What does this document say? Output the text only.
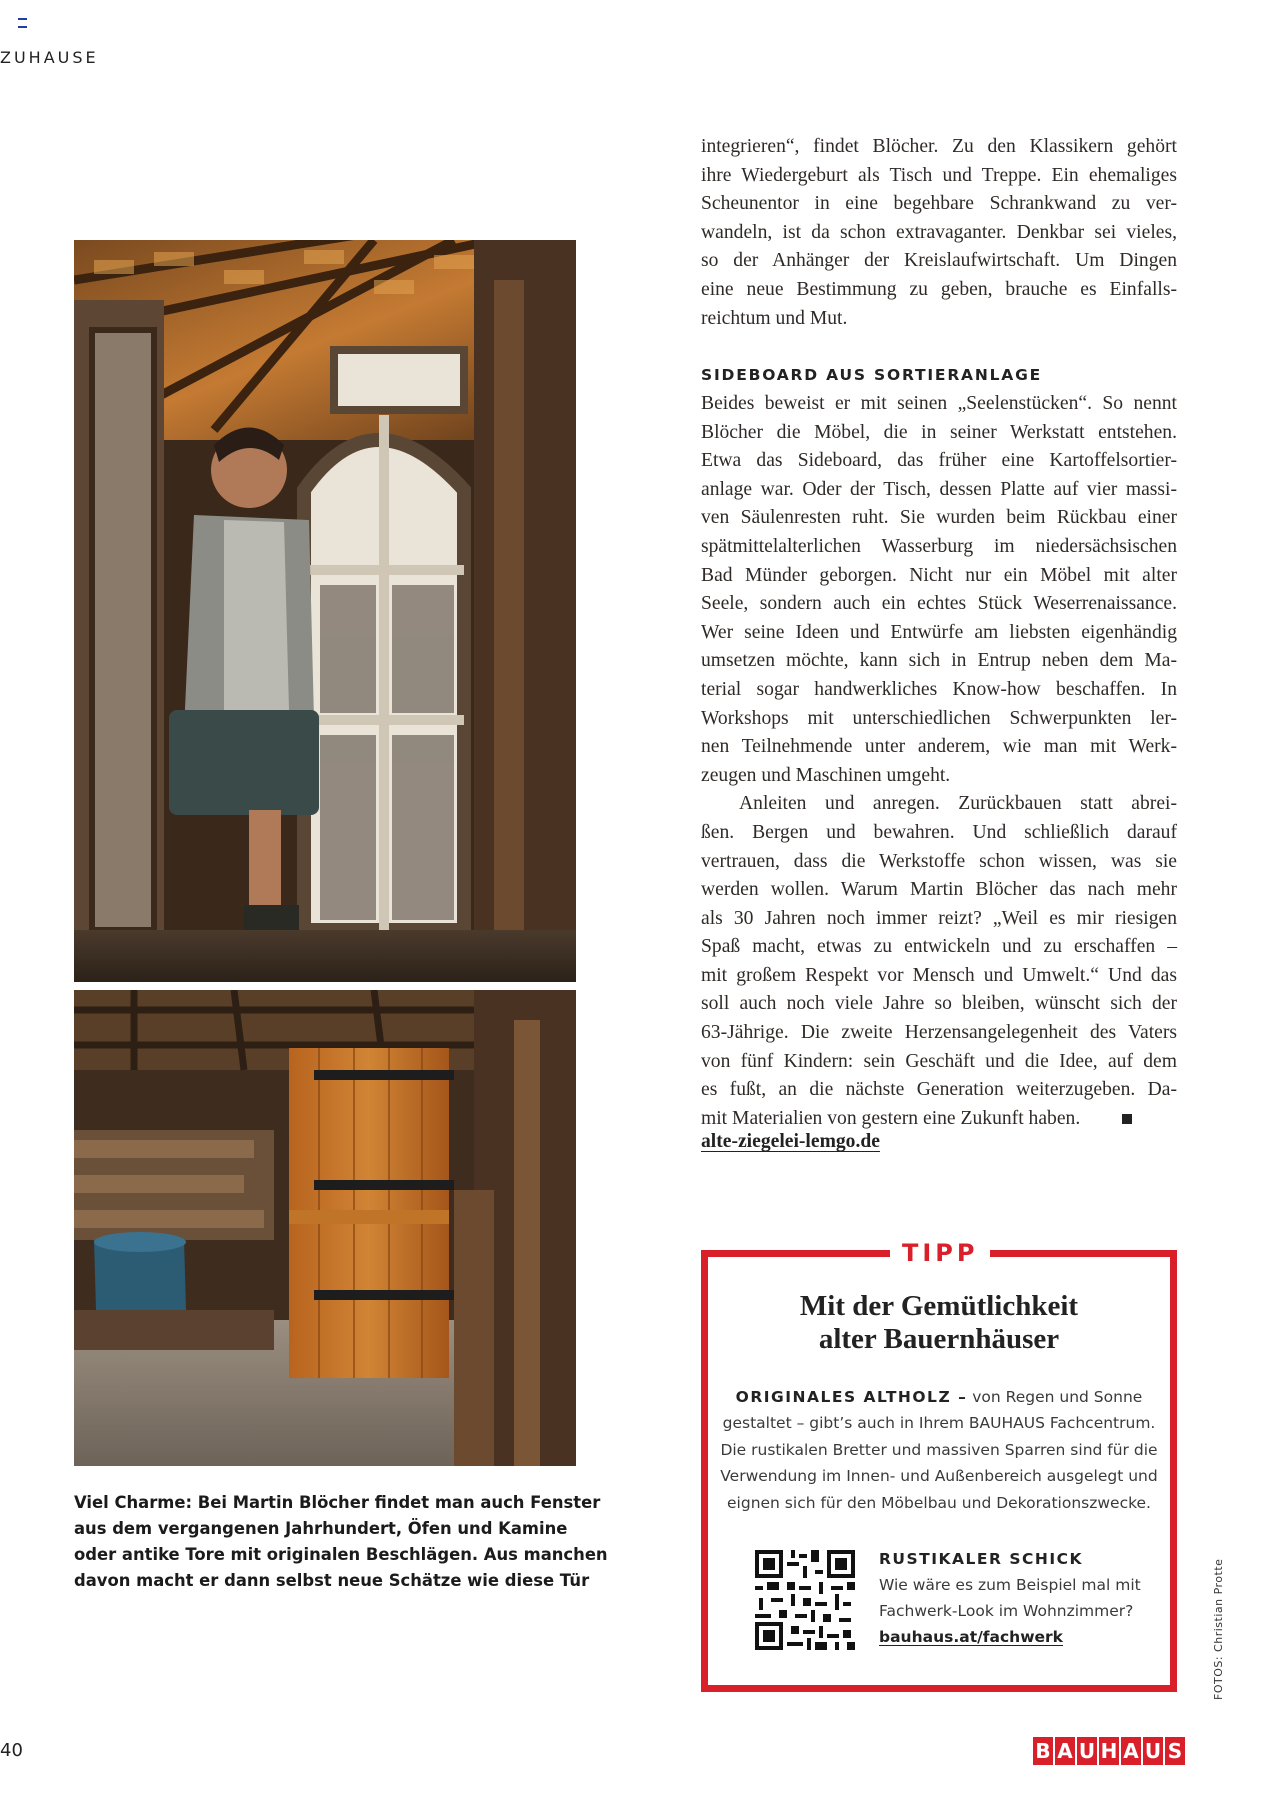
ZUHAUSE
Viel Charme: Bei Martin Blöcher findet man auch Fenster
aus dem vergangenen Jahrhundert, Öfen und Kamine
oder antike Tore mit originalen Beschlägen. Aus manchen
davon macht er dann selbst neue Schätze wie diese Tür
integrieren“, findet Blöcher. Zu den Klassikern gehört
ihre Wiedergeburt als Tisch und Treppe. Ein ehemaliges
Scheunentor in eine begehbare Schrankwand zu ver-
wandeln, ist da schon extravaganter. Denkbar sei vieles,
so der Anhänger der Kreislaufwirtschaft. Um Dingen
eine neue Bestimmung zu geben, brauche es Einfalls-
reichtum und Mut.
SIDEBOARD AUS SORTIERANLAGE
Beides beweist er mit seinen „Seelenstücken“. So nennt
Blöcher die Möbel, die in seiner Werkstatt entstehen.
Etwa das Sideboard, das früher eine Kartoffelsortier-
anlage war. Oder der Tisch, dessen Platte auf vier massi-
ven Säulenresten ruht. Sie wurden beim Rückbau einer
spätmittelalterlichen Wasserburg im niedersächsischen
Bad Münder geborgen. Nicht nur ein Möbel mit alter
Seele, sondern auch ein echtes Stück Weserrenaissance.
Wer seine Ideen und Entwürfe am liebsten eigenhändig
umsetzen möchte, kann sich in Entrup neben dem Ma-
terial sogar handwerkliches Know-how beschaffen. In
Workshops mit unterschiedlichen Schwerpunkten ler-
nen Teilnehmende unter anderem, wie man mit Werk-
zeugen und Maschinen umgeht.
Anleiten und anregen. Zurückbauen statt abrei-
ßen. Bergen und bewahren. Und schließlich darauf
vertrauen, dass die Werkstoffe schon wissen, was sie
werden wollen. Warum Martin Blöcher das nach mehr
als 30 Jahren noch immer reizt? „Weil es mir riesigen
Spaß macht, etwas zu entwickeln und zu erschaffen –
mit großem Respekt vor Mensch und Umwelt.“ Und das
soll auch noch viele Jahre so bleiben, wünscht sich der
63-Jährige. Die zweite Herzensangelegenheit des Vaters
von fünf Kindern: sein Geschäft und die Idee, auf dem
es fußt, an die nächste Generation weiterzugeben. Da-
mit Materialien von gestern eine Zukunft haben.
alte-ziegelei-lemgo.de
TIPP
Mit der Gemütlichkeit
alter Bauernhäuser
ORIGINALES ALTHOLZ – von Regen und Sonne
gestaltet – gibt’s auch in Ihrem BAUHAUS Fachcentrum.
Die rustikalen Bretter und massiven Sparren sind für die
Verwendung im Innen- und Außenbereich ausgelegt und
eignen sich für den Möbelbau und Dekorationszwecke.
RUSTIKALER SCHICK
Wie wäre es zum Beispiel mal mit
Fachwerk-Look im Wohnzimmer?
bauhaus.at/fachwerk	FOTOS: Christian Protte
40	B A U H A U S
